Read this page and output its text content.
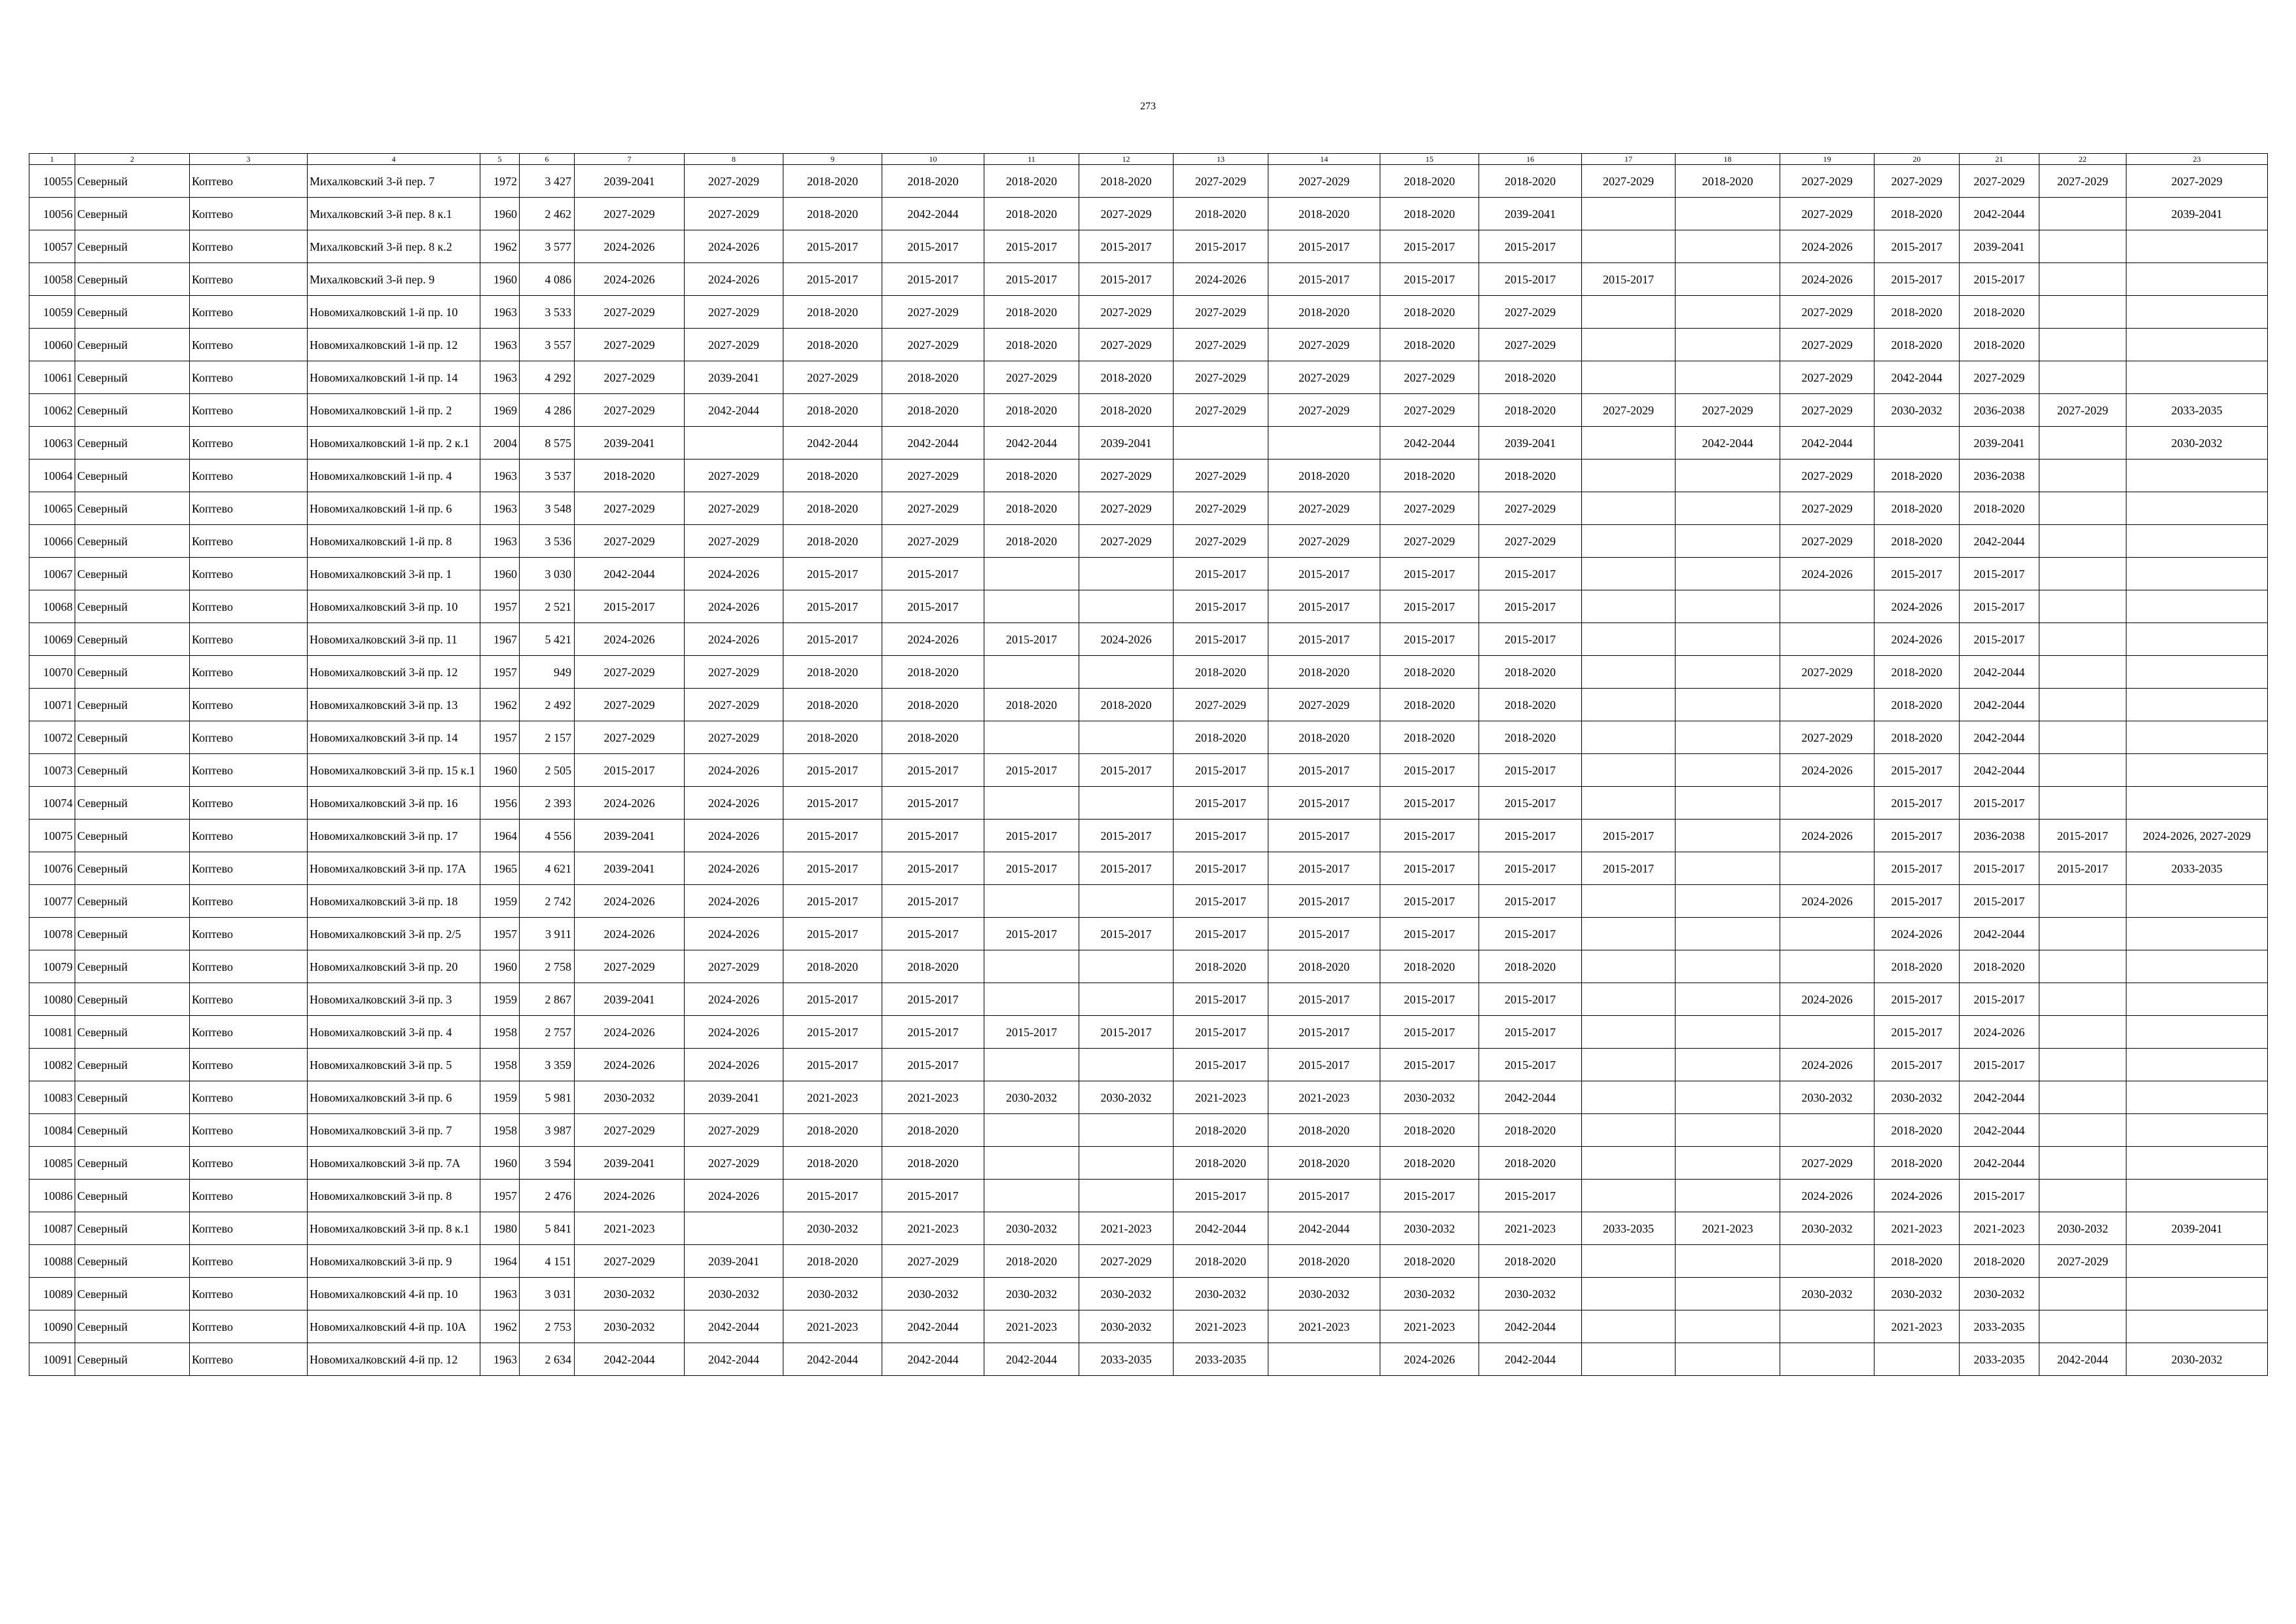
273
1	2	3	4	5	6	7	8	9	10	11	12	13	14	15	16	17	18	19	20	21	22	23
10055	Северный	Коптево	Михалковский 3-й пер. 7	1972	3 427	2039-2041	2027-2029	2018-2020	2018-2020	2018-2020	2018-2020	2027-2029	2027-2029	2018-2020	2018-2020	2027-2029	2018-2020	2027-2029	2027-2029	2027-2029	2027-2029	2027-2029
10056	Северный	Коптево	Михалковский 3-й пер. 8 к.1	1960	2 462	2027-2029	2027-2029	2018-2020	2042-2044	2018-2020	2027-2029	2018-2020	2018-2020	2018-2020	2039-2041			2027-2029	2018-2020	2042-2044		2039-2041
10057	Северный	Коптево	Михалковский 3-й пер. 8 к.2	1962	3 577	2024-2026	2024-2026	2015-2017	2015-2017	2015-2017	2015-2017	2015-2017	2015-2017	2015-2017	2015-2017			2024-2026	2015-2017	2039-2041		
10058	Северный	Коптево	Михалковский 3-й пер. 9	1960	4 086	2024-2026	2024-2026	2015-2017	2015-2017	2015-2017	2015-2017	2024-2026	2015-2017	2015-2017	2015-2017	2015-2017		2024-2026	2015-2017	2015-2017		
10059	Северный	Коптево	Новомихалковский 1-й пр. 10	1963	3 533	2027-2029	2027-2029	2018-2020	2027-2029	2018-2020	2027-2029	2027-2029	2018-2020	2018-2020	2027-2029			2027-2029	2018-2020	2018-2020		
10060	Северный	Коптево	Новомихалковский 1-й пр. 12	1963	3 557	2027-2029	2027-2029	2018-2020	2027-2029	2018-2020	2027-2029	2027-2029	2027-2029	2018-2020	2027-2029			2027-2029	2018-2020	2018-2020		
10061	Северный	Коптево	Новомихалковский 1-й пр. 14	1963	4 292	2027-2029	2039-2041	2027-2029	2018-2020	2027-2029	2018-2020	2027-2029	2027-2029	2027-2029	2018-2020			2027-2029	2042-2044	2027-2029		
10062	Северный	Коптево	Новомихалковский 1-й пр. 2	1969	4 286	2027-2029	2042-2044	2018-2020	2018-2020	2018-2020	2018-2020	2027-2029	2027-2029	2027-2029	2018-2020	2027-2029	2027-2029	2027-2029	2030-2032	2036-2038	2027-2029	2033-2035
10063	Северный	Коптево	Новомихалковский 1-й пр. 2 к.1	2004	8 575	2039-2041		2042-2044	2042-2044	2042-2044	2039-2041			2042-2044	2039-2041		2042-2044	2042-2044		2039-2041		2030-2032
10064	Северный	Коптево	Новомихалковский 1-й пр. 4	1963	3 537	2018-2020	2027-2029	2018-2020	2027-2029	2018-2020	2027-2029	2027-2029	2018-2020	2018-2020	2018-2020			2027-2029	2018-2020	2036-2038		
10065	Северный	Коптево	Новомихалковский 1-й пр. 6	1963	3 548	2027-2029	2027-2029	2018-2020	2027-2029	2018-2020	2027-2029	2027-2029	2027-2029	2027-2029	2027-2029			2027-2029	2018-2020	2018-2020		
10066	Северный	Коптево	Новомихалковский 1-й пр. 8	1963	3 536	2027-2029	2027-2029	2018-2020	2027-2029	2018-2020	2027-2029	2027-2029	2027-2029	2027-2029	2027-2029			2027-2029	2018-2020	2042-2044		
10067	Северный	Коптево	Новомихалковский 3-й пр. 1	1960	3 030	2042-2044	2024-2026	2015-2017	2015-2017			2015-2017	2015-2017	2015-2017	2015-2017			2024-2026	2015-2017	2015-2017		
10068	Северный	Коптево	Новомихалковский 3-й пр. 10	1957	2 521	2015-2017	2024-2026	2015-2017	2015-2017			2015-2017	2015-2017	2015-2017	2015-2017				2024-2026	2015-2017		
10069	Северный	Коптево	Новомихалковский 3-й пр. 11	1967	5 421	2024-2026	2024-2026	2015-2017	2024-2026	2015-2017	2024-2026	2015-2017	2015-2017	2015-2017	2015-2017				2024-2026	2015-2017		
10070	Северный	Коптево	Новомихалковский 3-й пр. 12	1957	949	2027-2029	2027-2029	2018-2020	2018-2020			2018-2020	2018-2020	2018-2020	2018-2020			2027-2029	2018-2020	2042-2044		
10071	Северный	Коптево	Новомихалковский 3-й пр. 13	1962	2 492	2027-2029	2027-2029	2018-2020	2018-2020	2018-2020	2018-2020	2027-2029	2027-2029	2018-2020	2018-2020				2018-2020	2042-2044		
10072	Северный	Коптево	Новомихалковский 3-й пр. 14	1957	2 157	2027-2029	2027-2029	2018-2020	2018-2020			2018-2020	2018-2020	2018-2020	2018-2020			2027-2029	2018-2020	2042-2044		
10073	Северный	Коптево	Новомихалковский 3-й пр. 15 к.1	1960	2 505	2015-2017	2024-2026	2015-2017	2015-2017	2015-2017	2015-2017	2015-2017	2015-2017	2015-2017	2015-2017			2024-2026	2015-2017	2042-2044		
10074	Северный	Коптево	Новомихалковский 3-й пр. 16	1956	2 393	2024-2026	2024-2026	2015-2017	2015-2017			2015-2017	2015-2017	2015-2017	2015-2017				2015-2017	2015-2017		
10075	Северный	Коптево	Новомихалковский 3-й пр. 17	1964	4 556	2039-2041	2024-2026	2015-2017	2015-2017	2015-2017	2015-2017	2015-2017	2015-2017	2015-2017	2015-2017	2015-2017		2024-2026	2015-2017	2036-2038	2015-2017	2024-2026, 2027-2029
10076	Северный	Коптево	Новомихалковский 3-й пр. 17А	1965	4 621	2039-2041	2024-2026	2015-2017	2015-2017	2015-2017	2015-2017	2015-2017	2015-2017	2015-2017	2015-2017	2015-2017			2015-2017	2015-2017	2015-2017	2033-2035
10077	Северный	Коптево	Новомихалковский 3-й пр. 18	1959	2 742	2024-2026	2024-2026	2015-2017	2015-2017			2015-2017	2015-2017	2015-2017	2015-2017			2024-2026	2015-2017	2015-2017		
10078	Северный	Коптево	Новомихалковский 3-й пр. 2/5	1957	3 911	2024-2026	2024-2026	2015-2017	2015-2017	2015-2017	2015-2017	2015-2017	2015-2017	2015-2017	2015-2017				2024-2026	2042-2044		
10079	Северный	Коптево	Новомихалковский 3-й пр. 20	1960	2 758	2027-2029	2027-2029	2018-2020	2018-2020			2018-2020	2018-2020	2018-2020	2018-2020				2018-2020	2018-2020		
10080	Северный	Коптево	Новомихалковский 3-й пр. 3	1959	2 867	2039-2041	2024-2026	2015-2017	2015-2017			2015-2017	2015-2017	2015-2017	2015-2017			2024-2026	2015-2017	2015-2017		
10081	Северный	Коптево	Новомихалковский 3-й пр. 4	1958	2 757	2024-2026	2024-2026	2015-2017	2015-2017	2015-2017	2015-2017	2015-2017	2015-2017	2015-2017	2015-2017				2015-2017	2024-2026		
10082	Северный	Коптево	Новомихалковский 3-й пр. 5	1958	3 359	2024-2026	2024-2026	2015-2017	2015-2017			2015-2017	2015-2017	2015-2017	2015-2017			2024-2026	2015-2017	2015-2017		
10083	Северный	Коптево	Новомихалковский 3-й пр. 6	1959	5 981	2030-2032	2039-2041	2021-2023	2021-2023	2030-2032	2030-2032	2021-2023	2021-2023	2030-2032	2042-2044			2030-2032	2030-2032	2042-2044		
10084	Северный	Коптево	Новомихалковский 3-й пр. 7	1958	3 987	2027-2029	2027-2029	2018-2020	2018-2020			2018-2020	2018-2020	2018-2020	2018-2020				2018-2020	2042-2044		
10085	Северный	Коптево	Новомихалковский 3-й пр. 7А	1960	3 594	2039-2041	2027-2029	2018-2020	2018-2020			2018-2020	2018-2020	2018-2020	2018-2020			2027-2029	2018-2020	2042-2044		
10086	Северный	Коптево	Новомихалковский 3-й пр. 8	1957	2 476	2024-2026	2024-2026	2015-2017	2015-2017			2015-2017	2015-2017	2015-2017	2015-2017			2024-2026	2024-2026	2015-2017		
10087	Северный	Коптево	Новомихалковский 3-й пр. 8 к.1	1980	5 841	2021-2023		2030-2032	2021-2023	2030-2032	2021-2023	2042-2044	2042-2044	2030-2032	2021-2023	2033-2035	2021-2023	2030-2032	2021-2023	2021-2023	2030-2032	2039-2041
10088	Северный	Коптево	Новомихалковский 3-й пр. 9	1964	4 151	2027-2029	2039-2041	2018-2020	2027-2029	2018-2020	2027-2029	2018-2020	2018-2020	2018-2020	2018-2020				2018-2020	2018-2020	2027-2029	
10089	Северный	Коптево	Новомихалковский 4-й пр. 10	1963	3 031	2030-2032	2030-2032	2030-2032	2030-2032	2030-2032	2030-2032	2030-2032	2030-2032	2030-2032	2030-2032			2030-2032	2030-2032	2030-2032		
10090	Северный	Коптево	Новомихалковский 4-й пр. 10А	1962	2 753	2030-2032	2042-2044	2021-2023	2042-2044	2021-2023	2030-2032	2021-2023	2021-2023	2021-2023	2042-2044				2021-2023	2033-2035		
10091	Северный	Коптево	Новомихалковский 4-й пр. 12	1963	2 634	2042-2044	2042-2044	2042-2044	2042-2044	2042-2044	2033-2035	2033-2035		2024-2026	2042-2044					2033-2035	2042-2044	2030-2032
